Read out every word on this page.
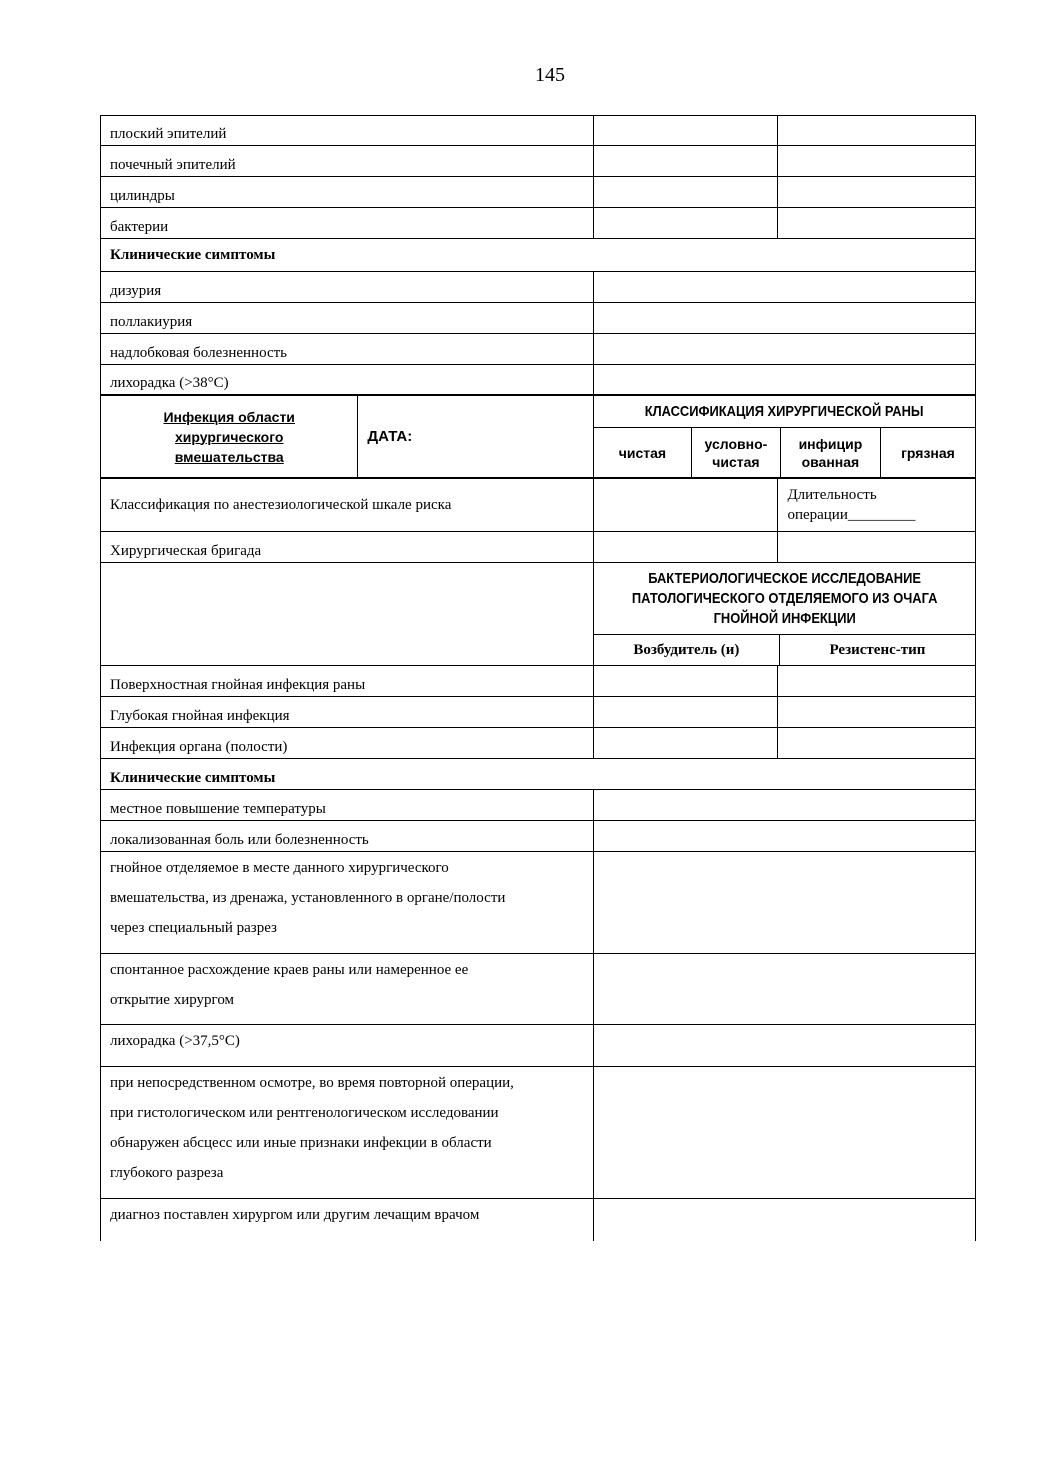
145
плоский эпителий
почечный эпителий
цилиндры
бактерии
Клинические симптомы
дизурия
поллакиурия
надлобковая болезненность
лихорадка (>38°C)
Инфекция области
хирургического
вмешательства
ДАТА:
КЛАССИФИКАЦИЯ ХИРУРГИЧЕСКОЙ РАНЫ
чистая
условно-
чистая
инфицир
ованная
грязная
Классификация по анестезиологической шкале риска
Длительность
операции_________
Хирургическая бригада
БАКТЕРИОЛОГИЧЕСКОЕ ИССЛЕДОВАНИЕ
ПАТОЛОГИЧЕСКОГО ОТДЕЛЯЕМОГО ИЗ ОЧАГА
ГНОЙНОЙ ИНФЕКЦИИ
Возбудитель (и)	Резистенс-тип
Поверхностная гнойная инфекция раны
Глубокая гнойная инфекция
Инфекция органа (полости)
Клинические симптомы
местное повышение температуры
локализованная боль или болезненность
гнойное отделяемое в месте данного хирургического
вмешательства, из дренажа, установленного в органе/полости
через специальный разрез
спонтанное расхождение краев раны или намеренное ее
открытие хирургом
лихорадка (>37,5°C)
при непосредственном осмотре, во время повторной операции,
при гистологическом или рентгенологическом исследовании
обнаружен абсцесс или иные признаки инфекции в области
глубокого разреза
диагноз поставлен хирургом или другим лечащим врачом
